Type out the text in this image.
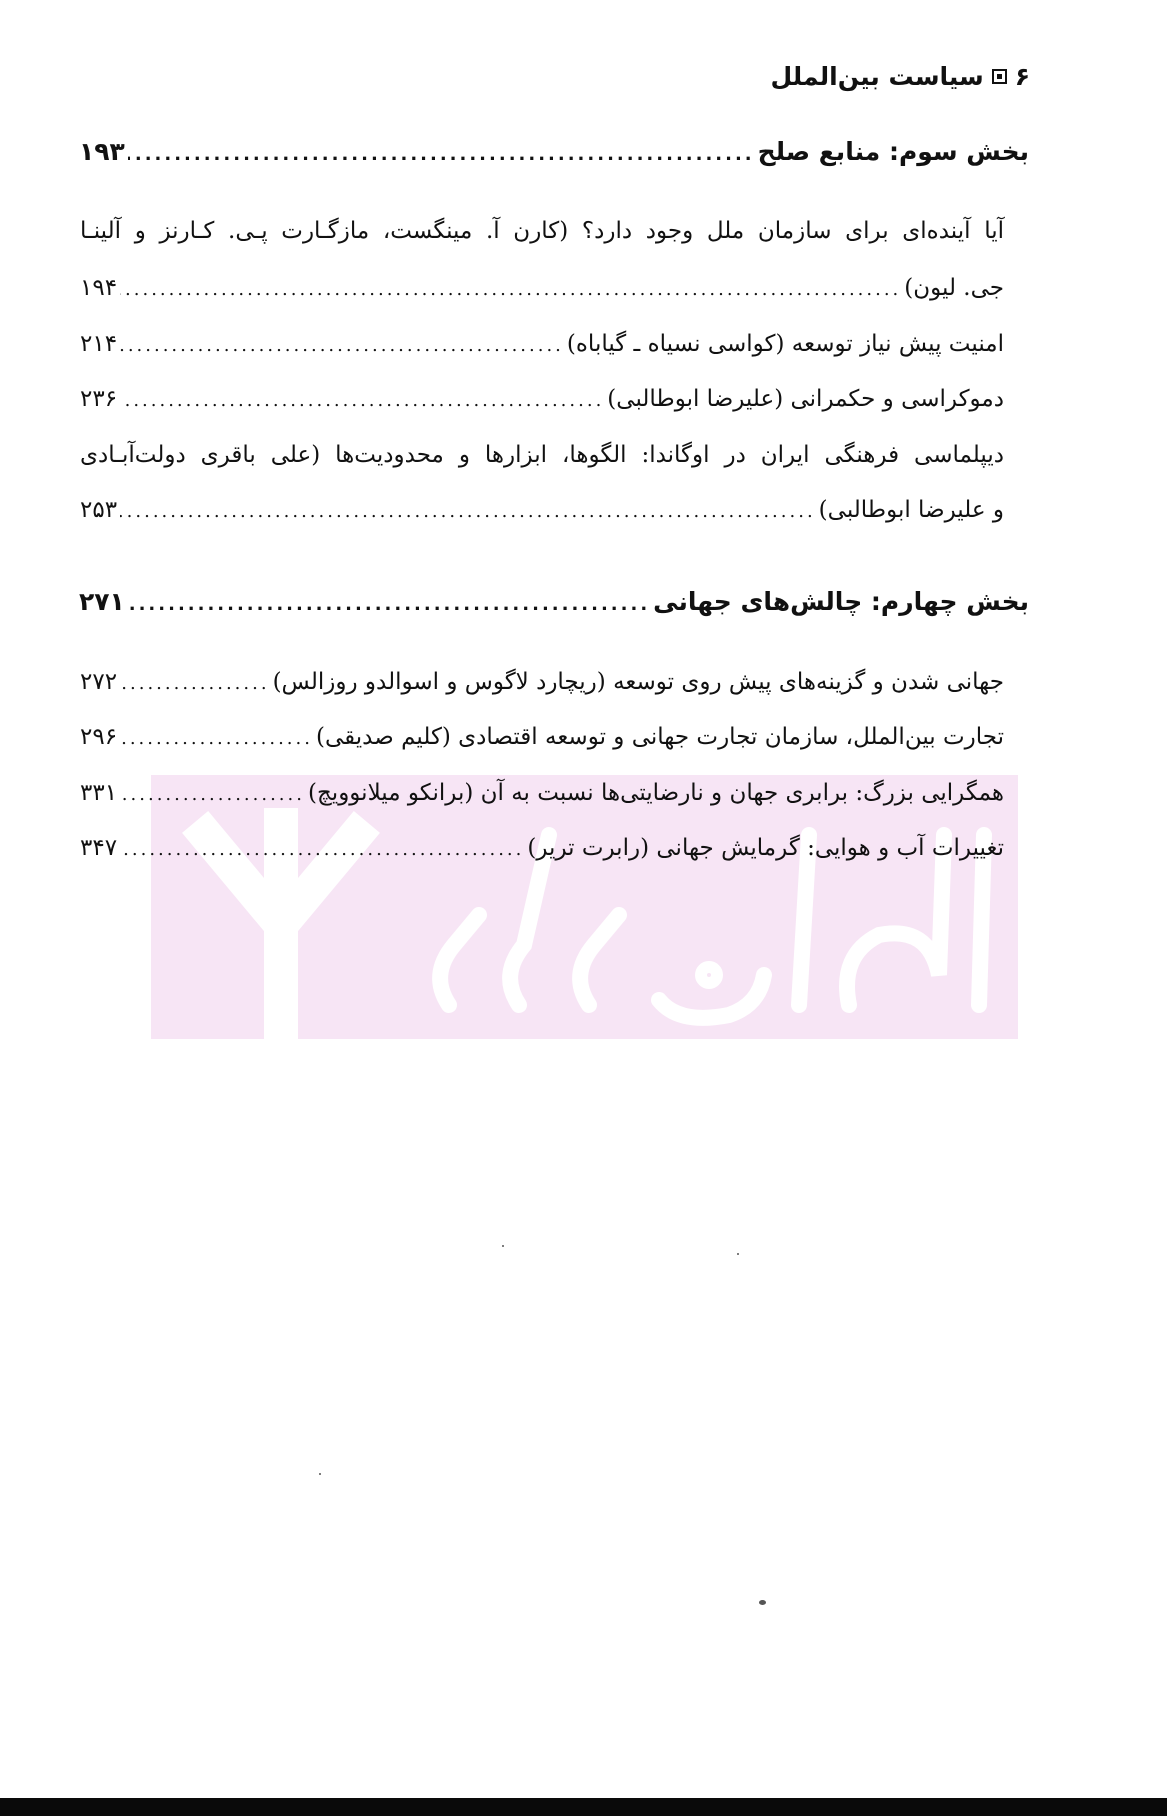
۶
سیاست بین‌الملل
بخش سوم: منابع صلح
.....
۱۹۳
آیا آینده‌ای برای سازمان ملل وجود دارد؟ (کارن آ. مینگست، مازگـارت پـی. کـارنز و آلینـا
جی. لیون)
.....
۱۹۴
امنیت پیش نیاز توسعه (کواسی نسیاه ـ گیاباه)
.....
۲۱۴
دموکراسی و حکمرانی (علیرضا ابوطالبی)
.....
۲۳۶
دیپلماسی فرهنگی ایران در اوگاندا: الگوها، ابزارها و محدودیت‌ها (علی باقری دولت‌آبـادی
و علیرضا ابوطالبی)
.....
۲۵۳
بخش چهارم: چالش‌های جهانی
.....
۲۷۱
جهانی شدن و گزینه‌های پیش روی توسعه (ریچارد لاگوس و اسوالدو روزالس)
.....
۲۷۲
تجارت بین‌الملل، سازمان تجارت جهانی و توسعه اقتصادی (کلیم صدیقی)
.....
۲۹۶
همگرایی بزرگ: برابری جهان و نارضایتی‌ها نسبت به آن (برانکو میلانوویچ)
.....
۳۳۱
تغییرات آب و هوایی: گرمایش جهانی (رابرت تریر)
.....
۳۴۷
